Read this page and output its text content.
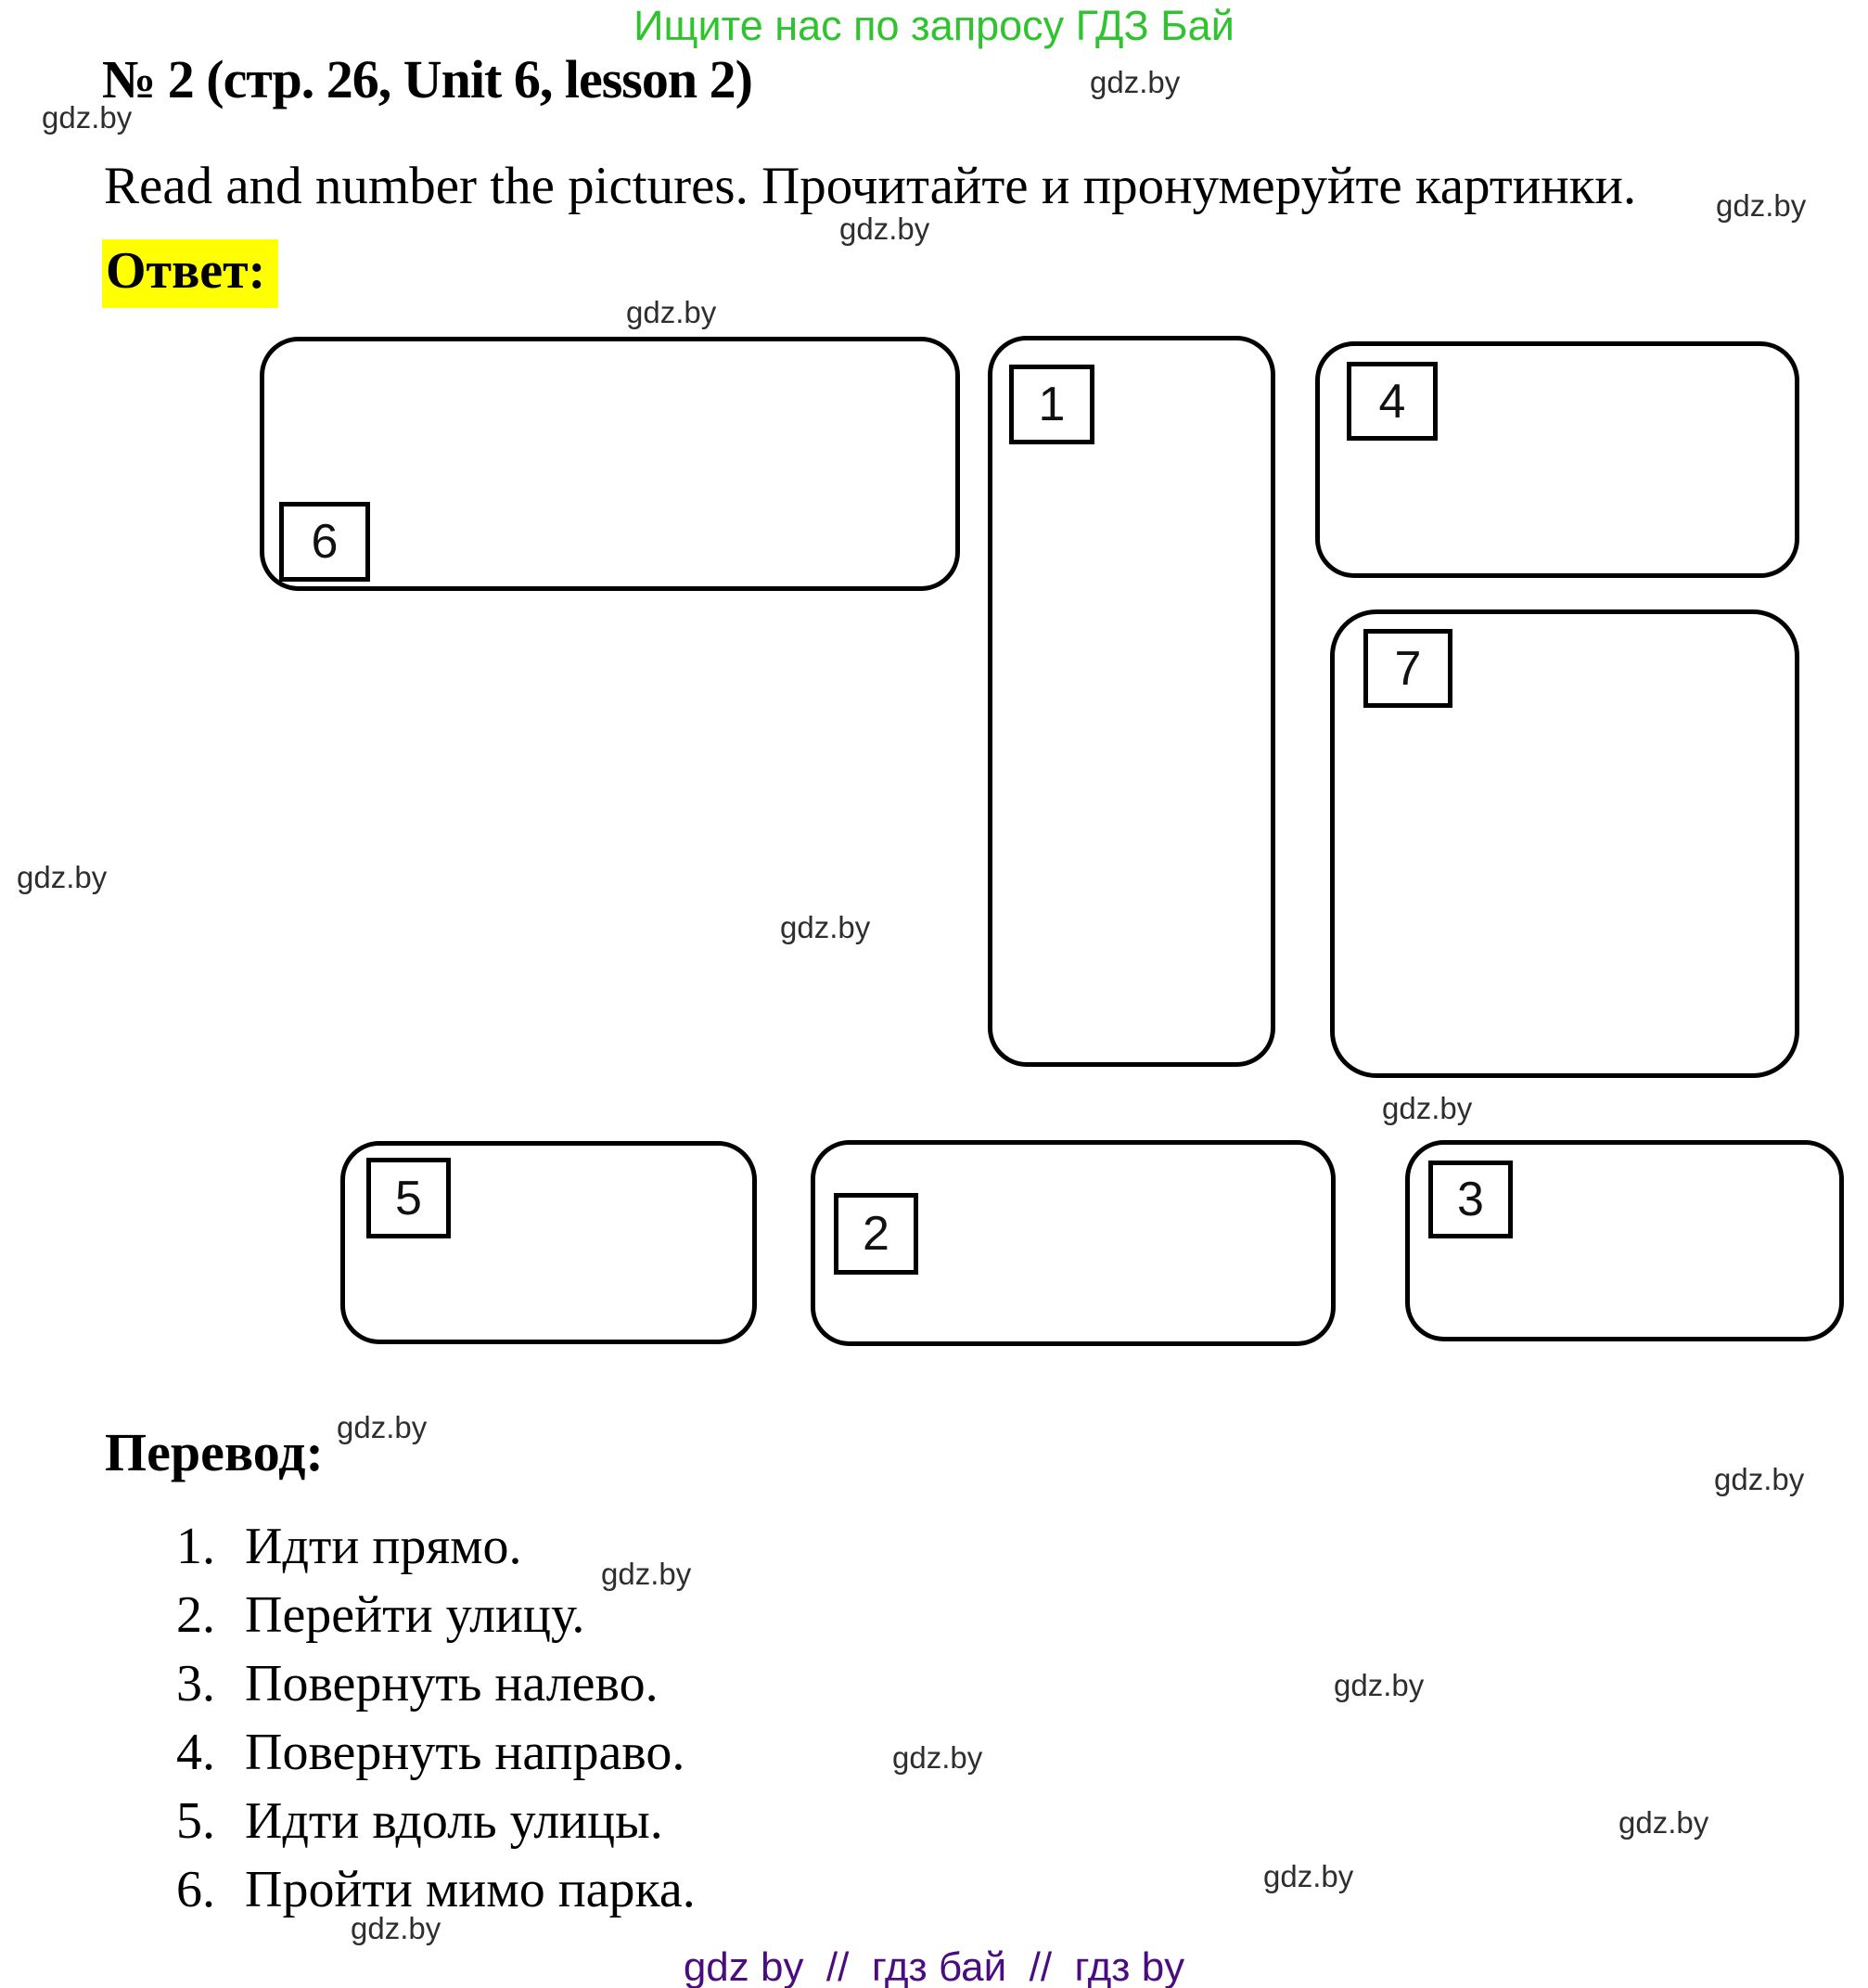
Ищите нас по запросу ГДЗ Бай
№ 2 (стр. 26, Unit 6, lesson 2)
Read and number the pictures. Прочитайте и пронумеруйте картинки.
Ответ:
gdz.by
gdz.by
gdz.by
gdz.by
gdz.by
gdz.by
gdz.by
gdz.by
gdz.by
gdz.by
gdz.by
gdz.by
gdz.by
gdz.by
gdz.by
gdz.by
6
1	4
7
5
2
3
Перевод:
1. Идти прямо.
2. Перейти улицу.
3. Повернуть налево.
4. Повернуть направо.
5. Идти вдоль улицы.
6. Пройти мимо парка.
gdz by  //  гдз бай  //  гдз by
